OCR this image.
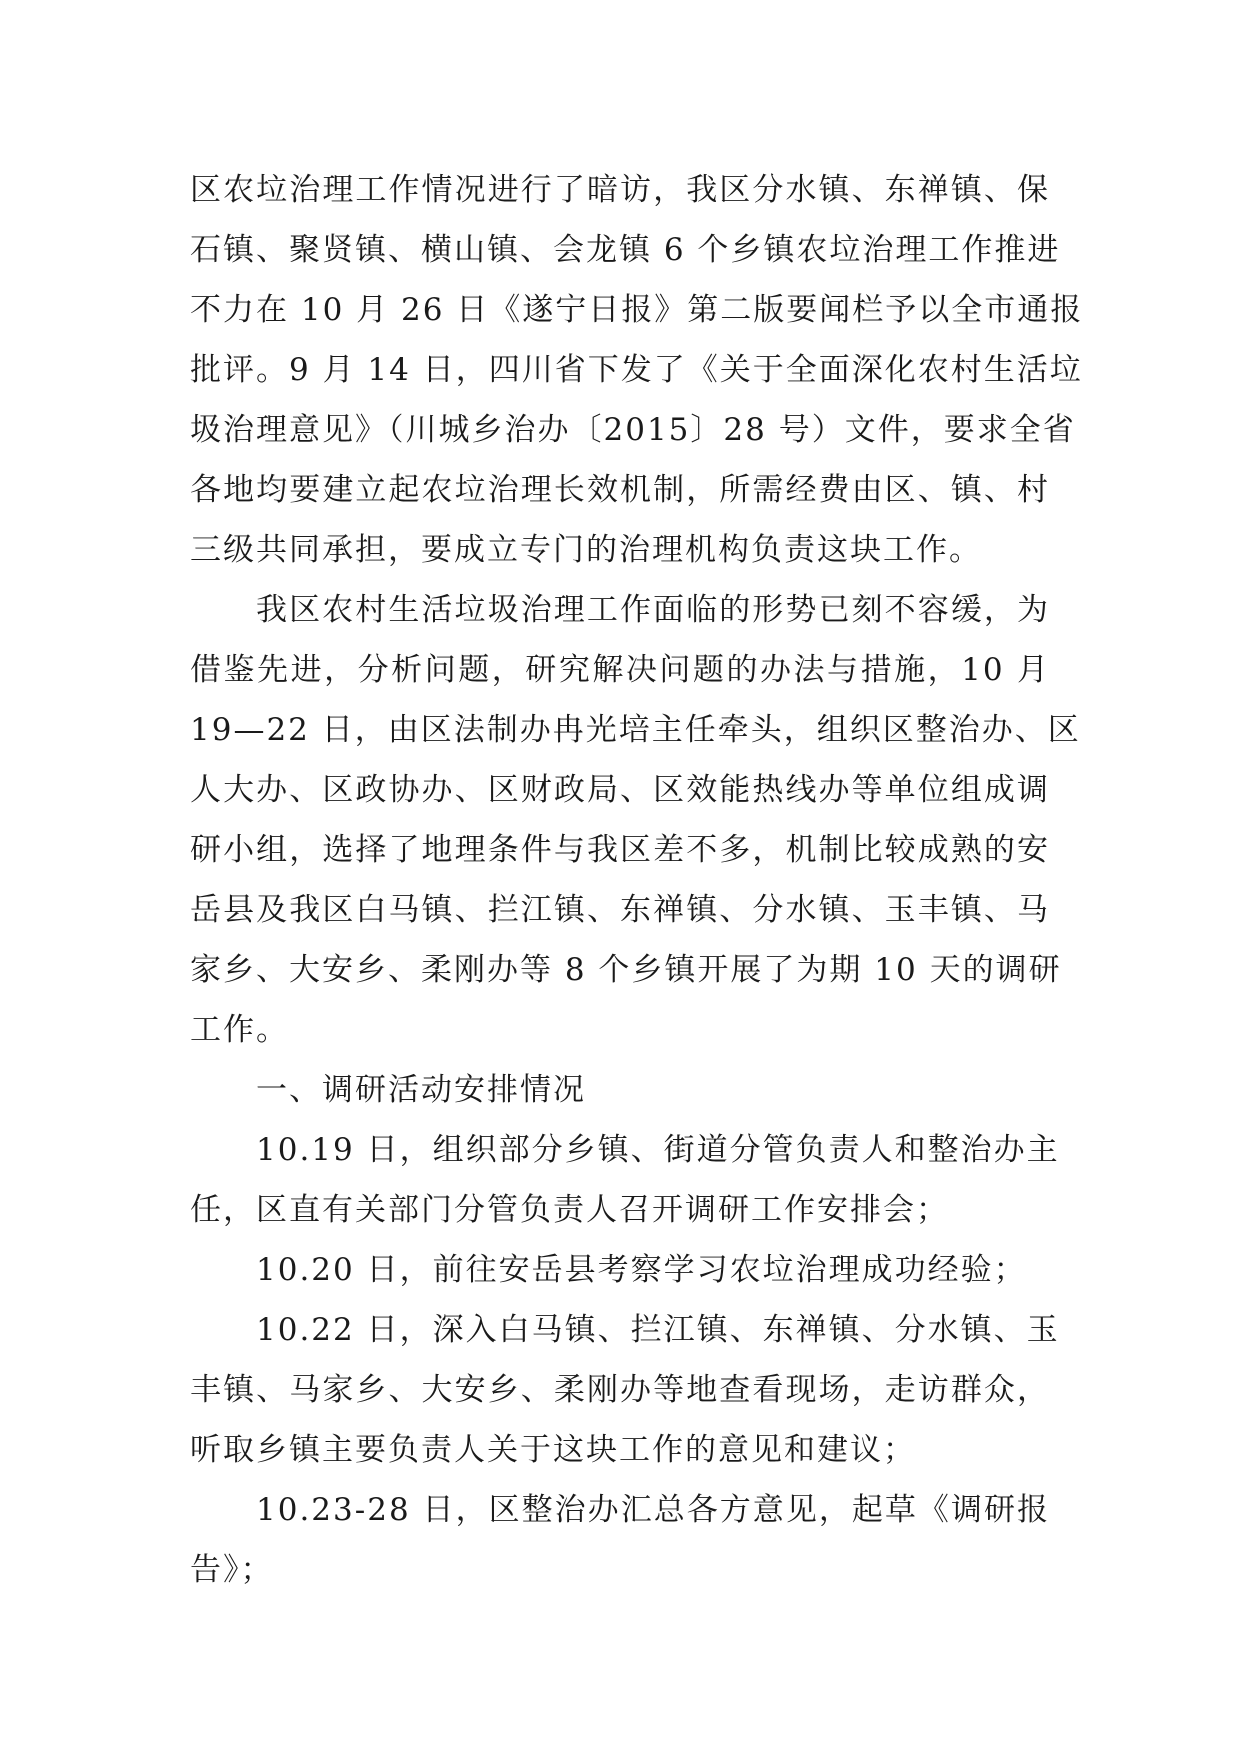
区农垃治理工作情况进行了暗访，我区分水镇、东禅镇、保
石镇、聚贤镇、横山镇、会龙镇 6 个乡镇农垃治理工作推进
不力在 10 月 26 日《遂宁日报》第二版要闻栏予以全市通报
批评。9 月 14 日，四川省下发了《关于全面深化农村生活垃
圾治理意见》（川城乡治办〔2015〕28 号）文件，要求全省
各地均要建立起农垃治理长效机制，所需经费由区、镇、村
三级共同承担，要成立专门的治理机构负责这块工作。
我区农村生活垃圾治理工作面临的形势已刻不容缓，为
借鉴先进，分析问题，研究解决问题的办法与措施，10 月
19—22 日，由区法制办冉光培主任牵头，组织区整治办、区
人大办、区政协办、区财政局、区效能热线办等单位组成调
研小组，选择了地理条件与我区差不多，机制比较成熟的安
岳县及我区白马镇、拦江镇、东禅镇、分水镇、玉丰镇、马
家乡、大安乡、柔刚办等 8 个乡镇开展了为期 10 天的调研
工作。
一、调研活动安排情况
10.19 日，组织部分乡镇、街道分管负责人和整治办主
任，区直有关部门分管负责人召开调研工作安排会；
10.20 日，前往安岳县考察学习农垃治理成功经验；
10.22 日，深入白马镇、拦江镇、东禅镇、分水镇、玉
丰镇、马家乡、大安乡、柔刚办等地查看现场，走访群众，
听取乡镇主要负责人关于这块工作的意见和建议；
10.23-28 日，区整治办汇总各方意见，起草《调研报
告》；
